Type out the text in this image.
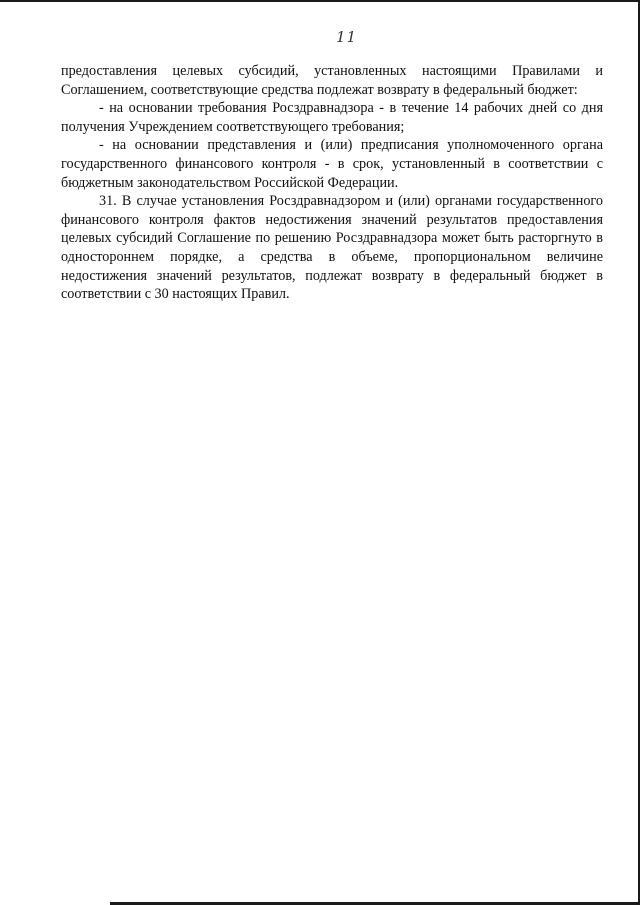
11

предоставления целевых субсидий, установленных настоящими Правилами и Соглашением, соответствующие средства подлежат возврату в федеральный бюджет:

- на основании требования Росздравнадзора - в течение 14 рабочих дней со дня получения Учреждением соответствующего требования;

- на основании представления и (или) предписания уполномоченного органа государственного финансового контроля - в срок, установленный в соответствии с бюджетным законодательством Российской Федерации.

31. В случае установления Росздравнадзором и (или) органами государственного финансового контроля фактов недостижения значений результатов предоставления целевых субсидий Соглашение по решению Росздравнадзора может быть расторгнуто в одностороннем порядке, а средства в объеме, пропорциональном величине недостижения значений результатов, подлежат возврату в федеральный бюджет в соответствии с 30 настоящих Правил.
